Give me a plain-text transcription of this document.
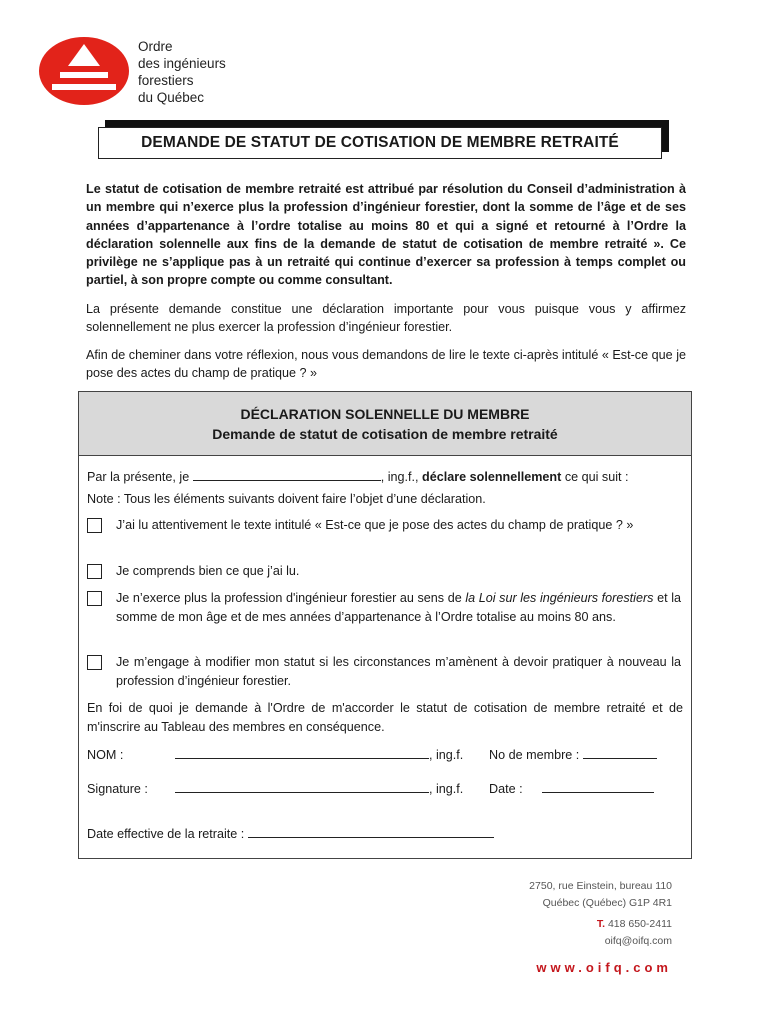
Ordre
des ingénieurs
forestiers
du Québec
DEMANDE DE STATUT DE COTISATION DE MEMBRE RETRAITÉ
Le statut de cotisation de membre retraité est attribué par résolution du Conseil d’administration à un membre qui n’exerce plus la profession d’ingénieur forestier, dont la somme de l’âge et de ses années d’appartenance à l’ordre totalise au moins 80 et qui a signé et retourné à l’Ordre la déclaration solennelle aux fins de la demande de statut de cotisation de membre retraité ». Ce privilège ne s’applique pas à un retraité qui continue d’exercer sa profession à temps complet ou partiel, à son propre compte ou comme consultant.
La présente demande constitue une déclaration importante pour vous puisque vous y affirmez solennellement ne plus exercer la profession d’ingénieur forestier.
Afin de cheminer dans votre réflexion, nous vous demandons de lire le texte ci-après intitulé « Est-ce que je pose des actes du champ de pratique ? »
DÉCLARATION SOLENNELLE DU MEMBRE
Demande de statut de cotisation de membre retraité
Par la présente, je	, ing.f., déclare solennellement ce qui suit :
Note : Tous les éléments suivants doivent faire l’objet d’une déclaration.
J’ai lu attentivement le texte intitulé « Est-ce que je pose des actes du champ de pratique ? »
Je comprends bien ce que j’ai lu.
Je n’exerce plus la profession d'ingénieur forestier au sens de la Loi sur les ingénieurs forestiers et la somme de mon âge et de mes années d’appartenance à l’Ordre totalise au moins 80 ans.
Je m’engage à modifier mon statut si les circonstances m’amènent à devoir pratiquer à nouveau la profession d’ingénieur forestier.
En foi de quoi je demande à l'Ordre de m'accorder le statut de cotisation de membre retraité et de m'inscrire au Tableau des membres en conséquence.
NOM :	, ing.f. No de membre :
Signature :	, ing.f. Date :
Date effective de la retraite :
2750, rue Einstein, bureau 110
Québec (Québec) G1P 4R1
T. 418 650-2411
oifq@oifq.com
www.oifq.com
